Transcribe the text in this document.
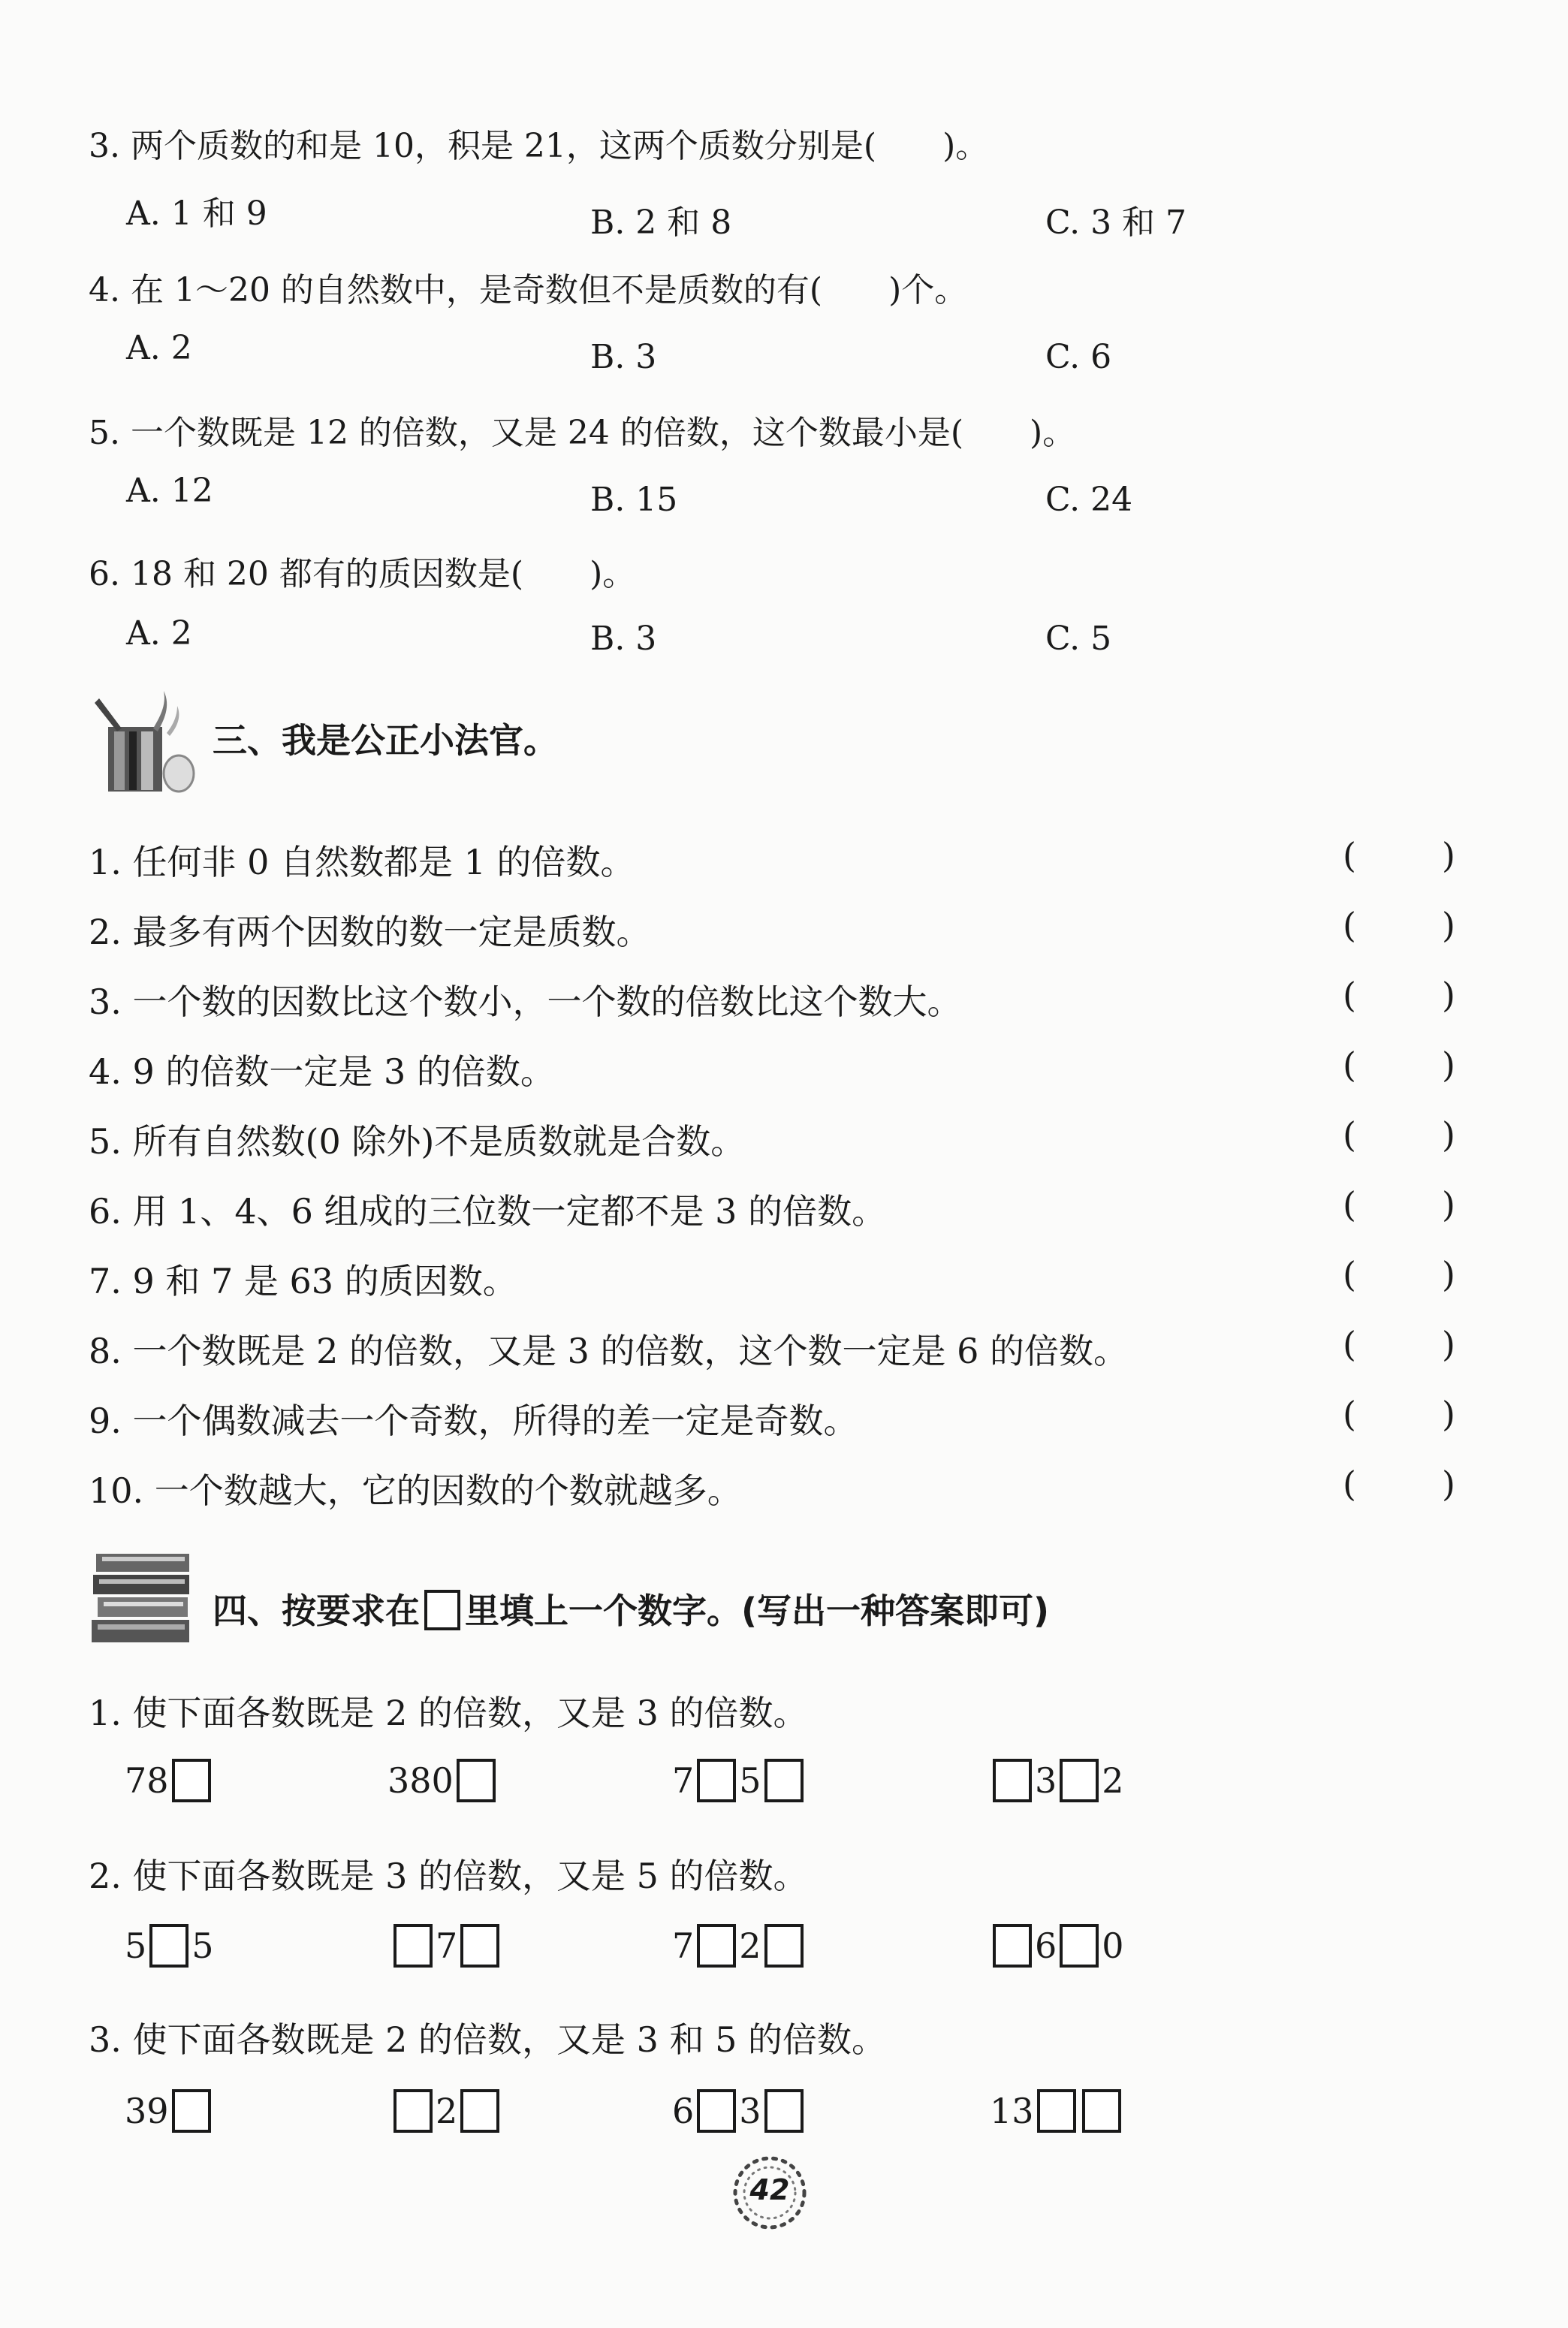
3. 两个质数的和是 10，积是 21，这两个质数分别是(　　)。
A. 1 和 9	B. 2 和 8	C. 3 和 7
4. 在 1～20 的自然数中，是奇数但不是质数的有(　　)个。
A. 2	B. 3	C. 6
5. 一个数既是 12 的倍数，又是 24 的倍数，这个数最小是(　　)。
A. 12	B. 15	C. 24
6. 18 和 20 都有的质因数是(　　)。
A. 2	B. 3	C. 5
三、我是公正小法官。
1. 任何非 0 自然数都是 1 的倍数。	( )
2. 最多有两个因数的数一定是质数。	( )
3. 一个数的因数比这个数小，一个数的倍数比这个数大。	( )
4. 9 的倍数一定是 3 的倍数。	( )
5. 所有自然数(0 除外)不是质数就是合数。	( )
6. 用 1、4、6 组成的三位数一定都不是 3 的倍数。	( )
7. 9 和 7 是 63 的质因数。	( )
8. 一个数既是 2 的倍数，又是 3 的倍数，这个数一定是 6 的倍数。	( )
9. 一个偶数减去一个奇数，所得的差一定是奇数。	( )
10. 一个数越大，它的因数的个数就越多。	( )
四、按要求在 里填上一个数字。(写出一种答案即可)
1. 使下面各数既是 2 的倍数，又是 3 的倍数。
78	380	7 5	3 2
2. 使下面各数既是 3 的倍数，又是 5 的倍数。
5 5	7	7 2	6 0
3. 使下面各数既是 2 的倍数，又是 3 和 5 的倍数。
39	2	6 3	13
42
